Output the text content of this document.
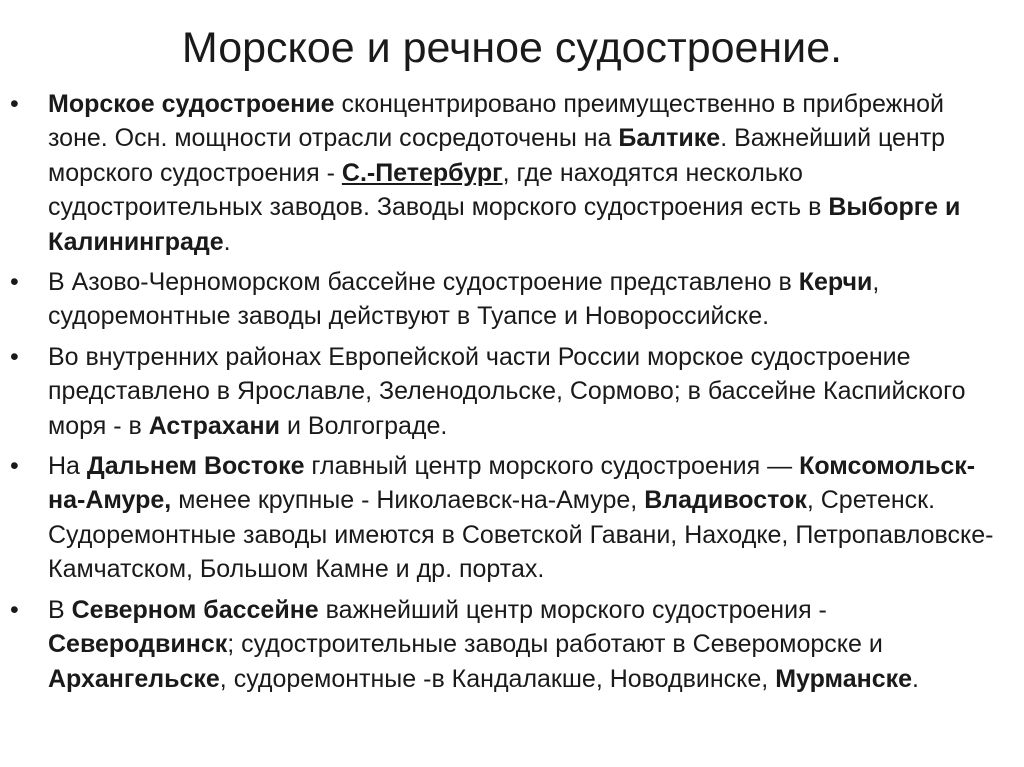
Морское и речное судостроение.
•	Морское судостроение сконцентрировано преимущественно в прибрежной зоне. Осн. мощности отрасли сосредоточены на Балтике. Важнейший центр морского судостроения - С.-Петербург, где находятся несколько судостроительных заводов. Заводы морского судостроения есть в Выборге и Калининграде.
•	В Азово-Черноморском бассейне судостроение представлено в Керчи, судоремонтные заводы действуют в Туапсе и Новороссийске.
•	Во внутренних районах Европейской части России морское судостроение представлено в Ярославле, Зеленодольске, Сормово; в бассейне Каспийского моря - в Астрахани и Волгограде.
•	На Дальнем Востоке главный центр морского судостроения — Комсомольск-на-Амуре, менее крупные - Николаевск-на-Амуре, Владивосток, Сретенск. Судоремонтные заводы имеются в Советской Гавани, Находке, Петропавловске-Камчатском, Большом Камне и др. портах.
•	В Северном бассейне важнейший центр морского судостроения - Северодвинск; судостроительные заводы работают в Североморске и Архангельске, судоремонтные -в Кандалакше, Новодвинске, Мурманске.
